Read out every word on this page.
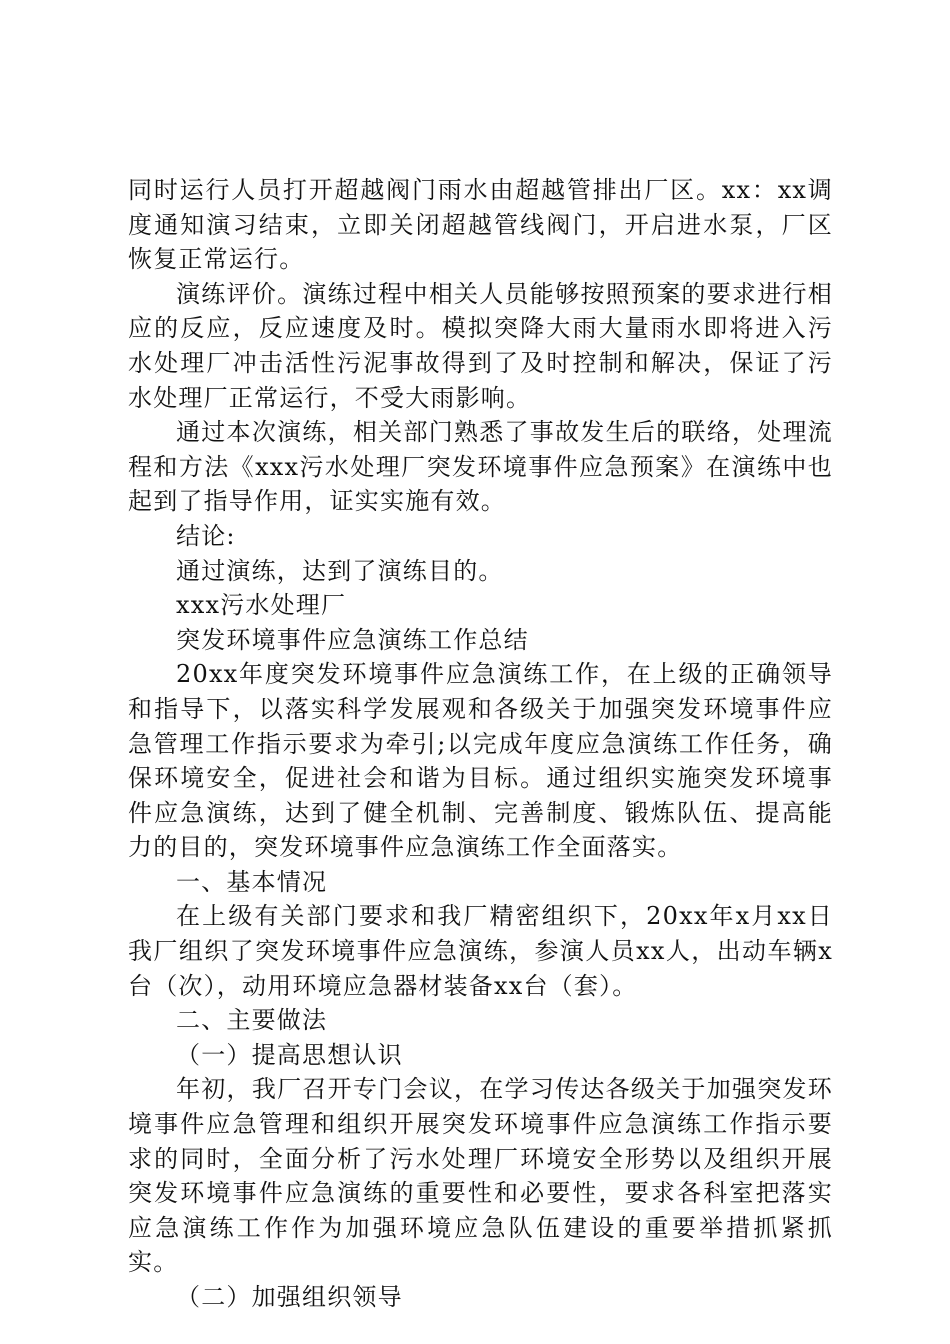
同时运行人员打开超越阀门雨水由超越管排出厂区。xx：xx调度通知演习结束，立即关闭超越管线阀门，开启进水泵，厂区恢复正常运行。

演练评价。演练过程中相关人员能够按照预案的要求进行相应的反应，反应速度及时。模拟突降大雨大量雨水即将进入污水处理厂冲击活性污泥事故得到了及时控制和解决，保证了污水处理厂正常运行，不受大雨影响。

通过本次演练，相关部门熟悉了事故发生后的联络，处理流程和方法《xxx污水处理厂突发环境事件应急预案》在演练中也起到了指导作用，证实实施有效。

结论:

通过演练，达到了演练目的。

xxx污水处理厂

突发环境事件应急演练工作总结

20xx年度突发环境事件应急演练工作，在上级的正确领导和指导下，以落实科学发展观和各级关于加强突发环境事件应急管理工作指示要求为牵引;以完成年度应急演练工作任务，确保环境安全，促进社会和谐为目标。通过组织实施突发环境事件应急演练，达到了健全机制、完善制度、锻炼队伍、提高能力的目的，突发环境事件应急演练工作全面落实。

一、基本情况

在上级有关部门要求和我厂精密组织下，20xx年x月xx日我厂组织了突发环境事件应急演练，参演人员xx人，出动车辆x台（次），动用环境应急器材装备xx台（套）。

二、主要做法

（一）提高思想认识

年初，我厂召开专门会议，在学习传达各级关于加强突发环境事件应急管理和组织开展突发环境事件应急演练工作指示要求的同时，全面分析了污水处理厂环境安全形势以及组织开展突发环境事件应急演练的重要性和必要性，要求各科室把落实应急演练工作作为加强环境应急队伍建设的重要举措抓紧抓实。

（二）加强组织领导
